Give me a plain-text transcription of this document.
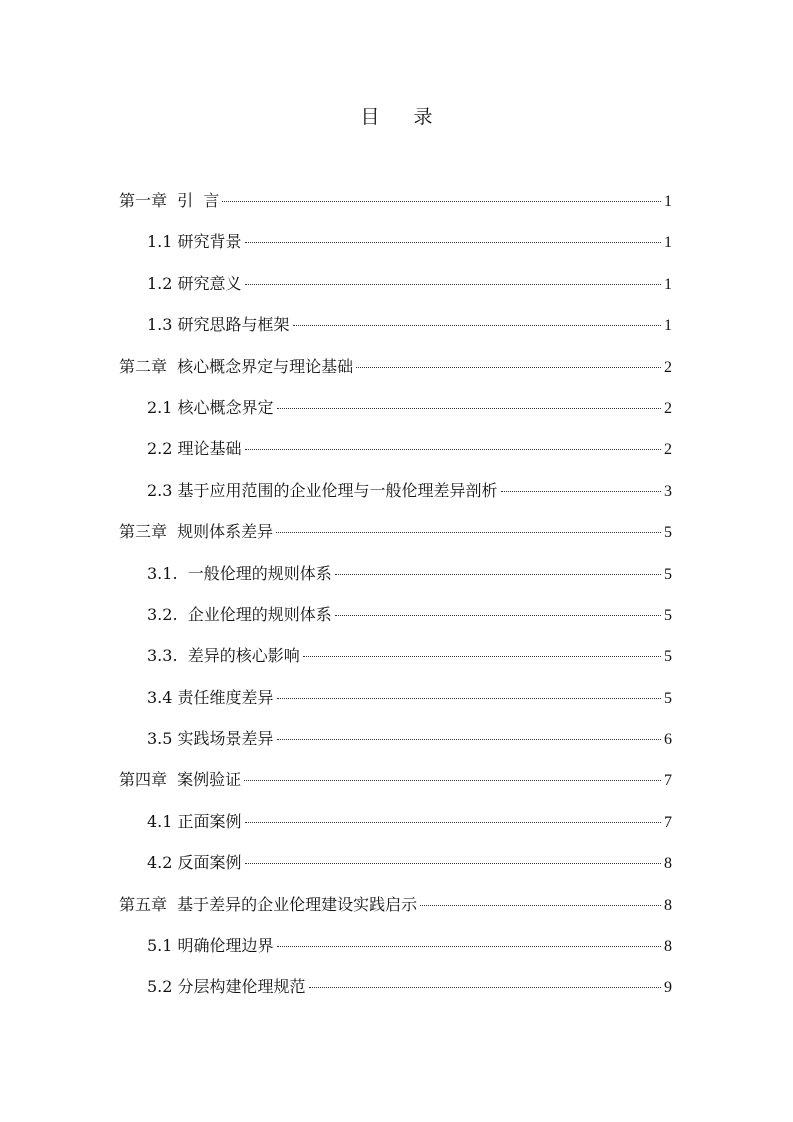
目 录
第一章  引  言	1
1.1 研究背景	1
1.2 研究意义	1
1.3 研究思路与框架	1
第二章  核心概念界定与理论基础	2
2.1 核心概念界定	2
2.2 理论基础	2
2.3 基于应用范围的企业伦理与一般伦理差异剖析	3
第三章  规则体系差异	5
3.1.  一般伦理的规则体系	5
3.2.  企业伦理的规则体系	5
3.3.  差异的核心影响	5
3.4 责任维度差异	5
3.5 实践场景差异	6
第四章  案例验证	7
4.1 正面案例	7
4.2 反面案例	8
第五章  基于差异的企业伦理建设实践启示	8
5.1 明确伦理边界	8
5.2 分层构建伦理规范	9
